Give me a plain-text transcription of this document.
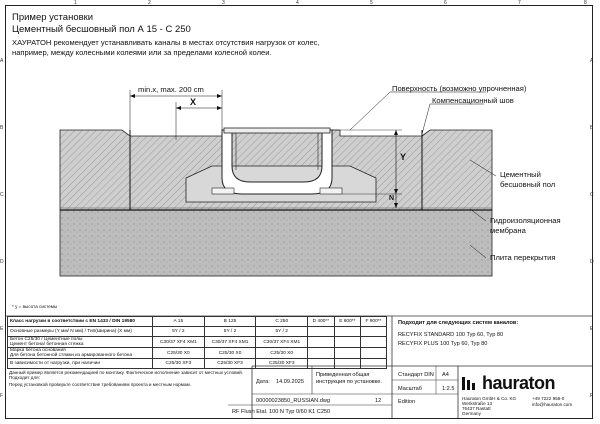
1	2	3	4	5	6	7	8
A
B
C
D
E
F
A
B
C
D
E
F
Пример установки
Цементный бесшовный пол А 15 - С 250
ХАУРАТОН рекомендует устанавливать каналы в местах отсутствия нагрузок от колес,
например, между колесными колеями или за пределами колесной колеи.
min.x, max. 200 cm
X
Y
N
Поверхность (возможно упрочненная)
Компенсационный шов
Цементный
бесшовный пол
Гидроизоляционная
мембрана
Плита перекрытия
* у = высота системы
Класс нагрузки в соответствии с EN 1433 / DIN 19580	A 15	B 125	C 250	D 400**	E 600**	F 900**
Основные размеры (Y мм/ N мм) / Тип(Ширина) (X мм)	5Y / 2	5Y / 2	5Y / 2			
Бетон С25/30 / Цементные полы
Цемент бетона/ бетонная стяжка	C30/37 XF4 XM1	C30/37 XF4 XM1	C30/37 XF4 XM1			
Марка бетона основания
Для бетона бетонной стяжки из армированного бетона	C25/30 X0	C25/30 X0	C25/30 X0			
В зависимости от нагрузки, при наличии	C25/30 XF3	C25/30 XF3	C25/30 XF3			
Данный пример является рекомендацией по монтажу. Фактическое исполнение зависит от местных условий. Подходит для:
Перед установкой проверьте соответствие требованиям проекта и местным нормам.	Дата: 14.09.2025
Приведенная общая
инструкция по установке.
00000023850_RUSSIAN.dwg	12
RF Flush Etal. 100 N Typ 0/60 K1 C250
Edition
Подходит для следующих систем каналов:
RECYFIX STANDARD 100 Typ 60, Typ 80
RECYFIX PLUS 100 Typ 60, Typ 80
Стандарт DIN A4
Масштаб	1:2.5 hauraton
Hauraton GmbH & Co. KG
Werkstraße 13
76437 Rastatt
Germany
+49 7222 958-0
info@hauraton.com
